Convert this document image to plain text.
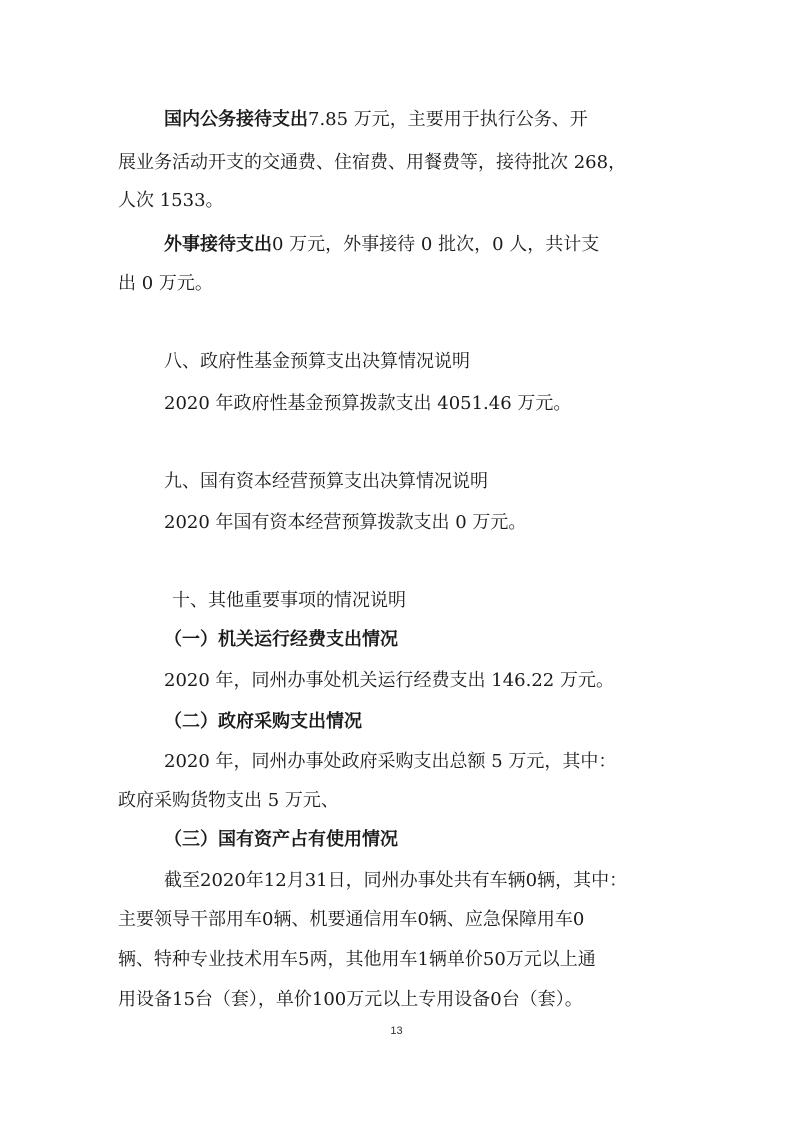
国内公务接待支出7.85 万元，主要用于执行公务、开
展业务活动开支的交通费、住宿费、用餐费等，接待批次 268，
人次 1533。
外事接待支出0 万元，外事接待 0 批次，0 人，共计支
出 0 万元。
八、政府性基金预算支出决算情况说明
2020 年政府性基金预算拨款支出 4051.46 万元。
九、国有资本经营预算支出决算情况说明
2020 年国有资本经营预算拨款支出 0 万元。
十、其他重要事项的情况说明
（一）机关运行经费支出情况
2020 年，同州办事处机关运行经费支出 146.22 万元。
（二）政府采购支出情况
2020 年，同州办事处政府采购支出总额 5 万元，其中：
政府采购货物支出 5 万元、
（三）国有资产占有使用情况
截至2020年12月31日，同州办事处共有车辆0辆，其中：
主要领导干部用车0辆、机要通信用车0辆、应急保障用车0
辆、特种专业技术用车5两，其他用车1辆单价50万元以上通
用设备15台（套），单价100万元以上专用设备0台（套）。
13
